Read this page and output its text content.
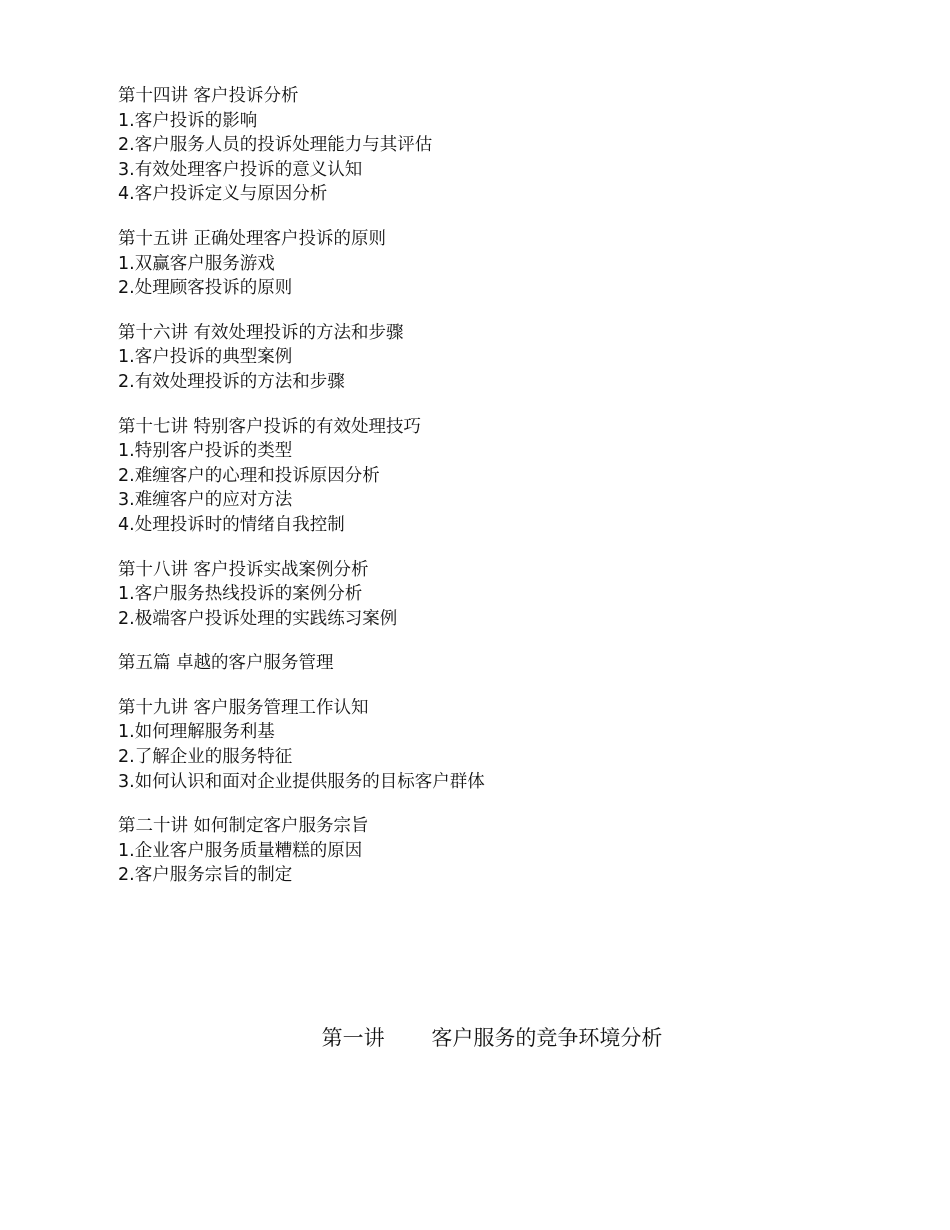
第十四讲 客户投诉分析
1.客户投诉的影响
2.客户服务人员的投诉处理能力与其评估
3.有效处理客户投诉的意义认知
4.客户投诉定义与原因分析
第十五讲 正确处理客户投诉的原则
1.双赢客户服务游戏
2.处理顾客投诉的原则
第十六讲 有效处理投诉的方法和步骤
1.客户投诉的典型案例
2.有效处理投诉的方法和步骤
第十七讲 特别客户投诉的有效处理技巧
1.特别客户投诉的类型
2.难缠客户的心理和投诉原因分析
3.难缠客户的应对方法
4.处理投诉时的情绪自我控制
第十八讲 客户投诉实战案例分析
1.客户服务热线投诉的案例分析
2.极端客户投诉处理的实践练习案例
第五篇 卓越的客户服务管理
第十九讲 客户服务管理工作认知
1.如何理解服务利基
2.了解企业的服务特征
3.如何认识和面对企业提供服务的目标客户群体
第二十讲 如何制定客户服务宗旨
1.企业客户服务质量糟糕的原因
2.客户服务宗旨的制定
第一讲 客户服务的竞争环境分析
